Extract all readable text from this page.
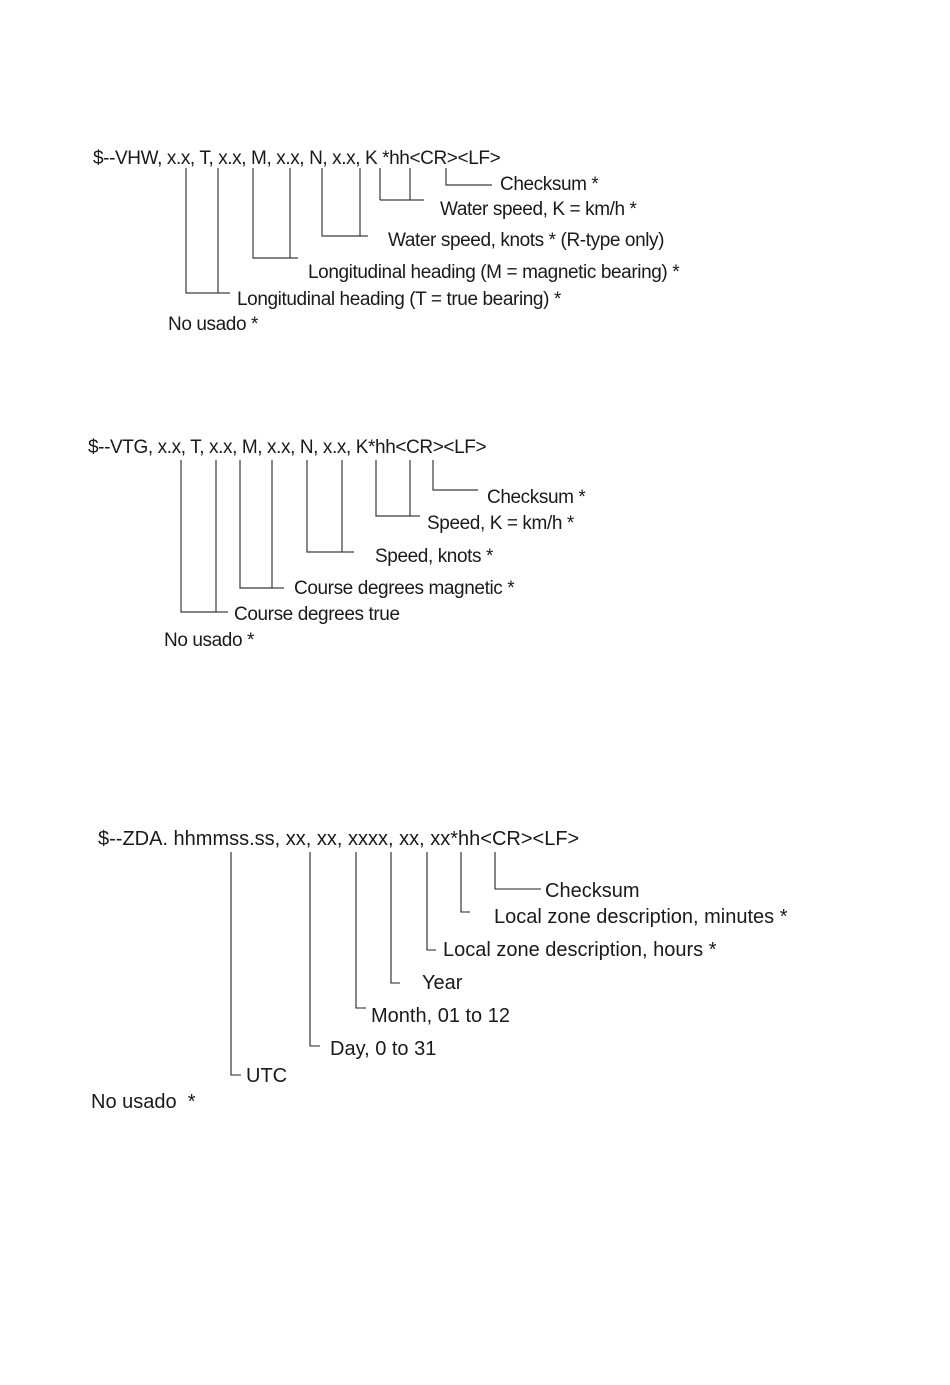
$--VHW, x.x, T, x.x, M, x.x, N, x.x, K *hh<CR><LF>
Checksum *
Water speed, K = km/h *
Water speed, knots * (R-type only)
Longitudinal heading (M = magnetic bearing) *
Longitudinal heading (T = true bearing) *
No usado *
$--VTG, x.x, T, x.x, M, x.x, N, x.x, K*hh<CR><LF>
Checksum *
Speed, K = km/h *
Speed, knots *
Course degrees magnetic *
Course degrees true
No usado *
$--ZDA. hhmmss.ss, xx, xx, xxxx, xx, xx*hh<CR><LF>
Checksum
Local zone description, minutes *
Local zone description, hours *
Year
Month, 01 to 12
Day, 0 to 31
UTC
No usado  *
